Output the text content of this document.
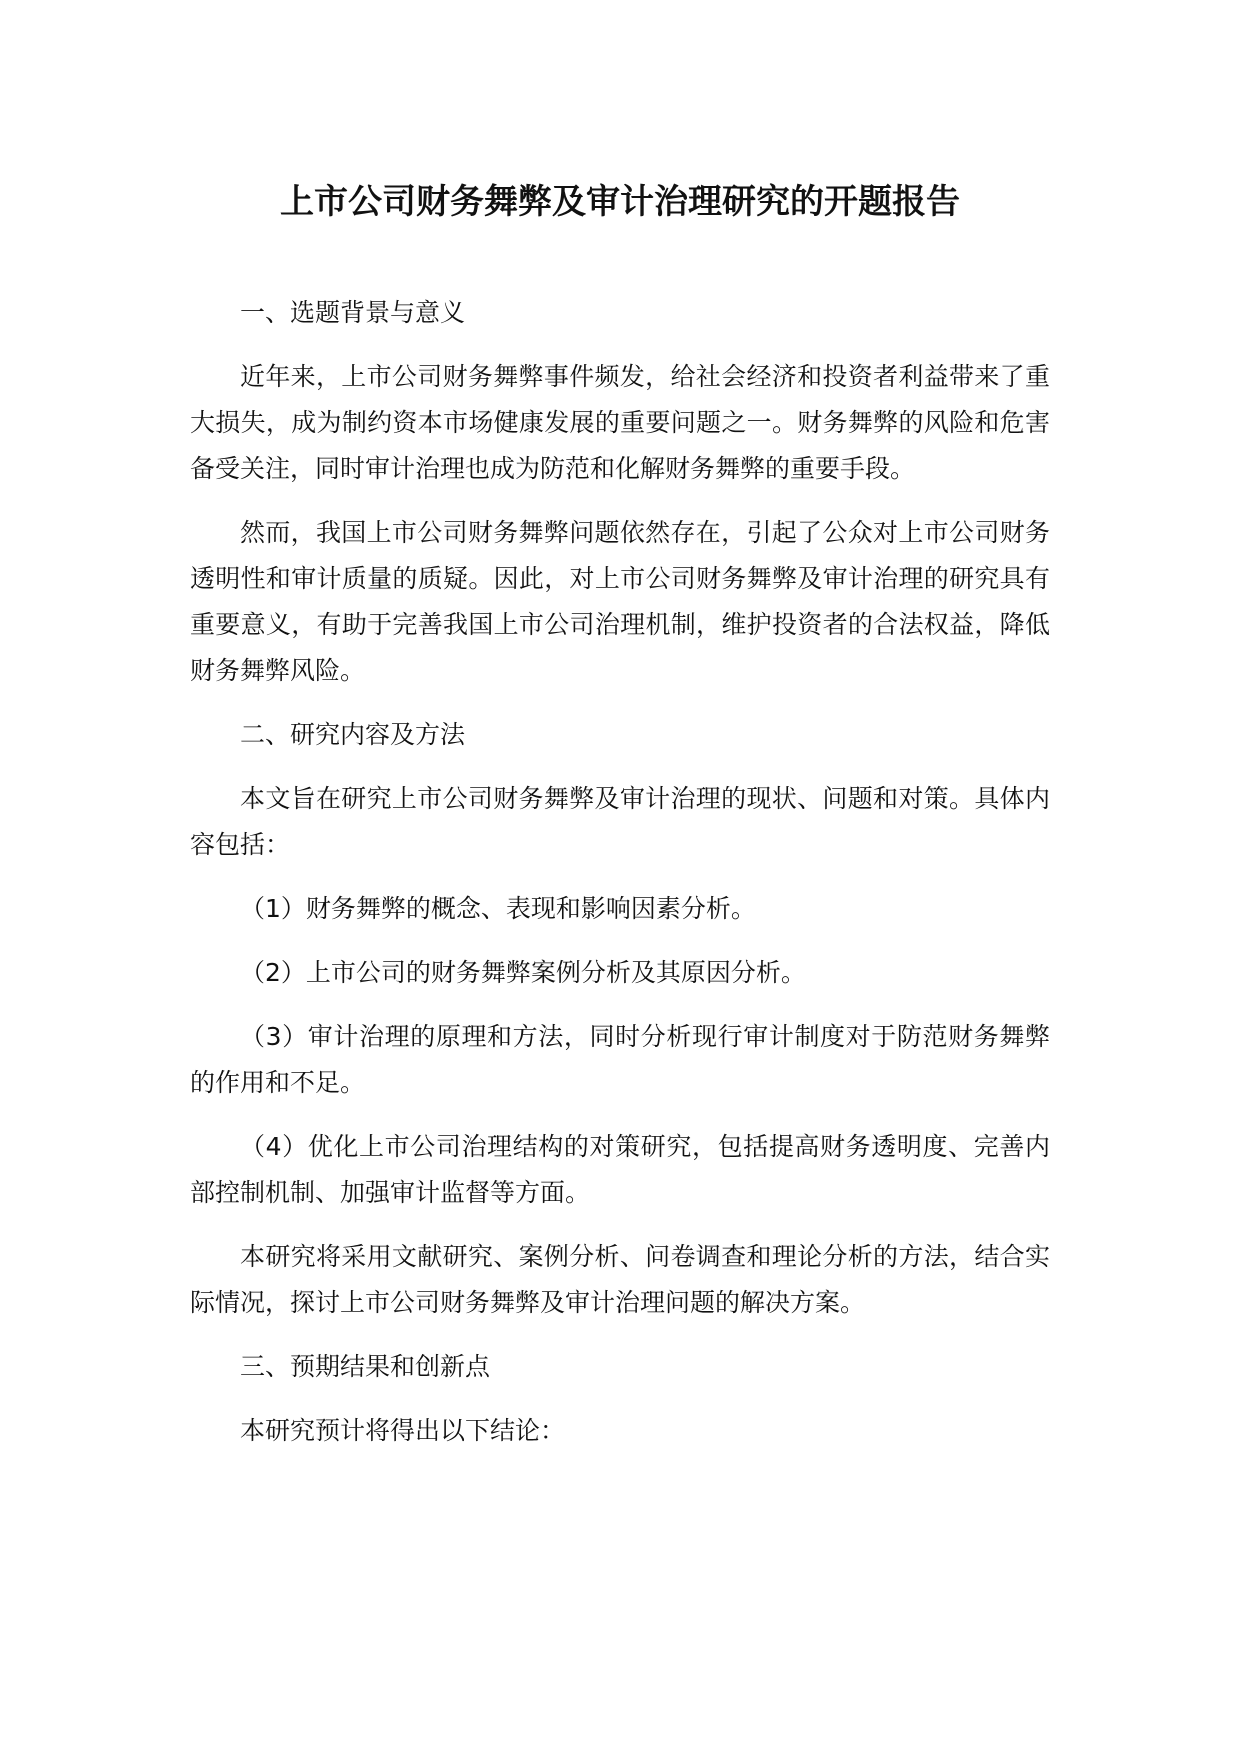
上市公司财务舞弊及审计治理研究的开题报告

一、选题背景与意义

近年来，上市公司财务舞弊事件频发，给社会经济和投资者利益带来了重大损失，成为制约资本市场健康发展的重要问题之一。财务舞弊的风险和危害备受关注，同时审计治理也成为防范和化解财务舞弊的重要手段。

然而，我国上市公司财务舞弊问题依然存在，引起了公众对上市公司财务透明性和审计质量的质疑。因此，对上市公司财务舞弊及审计治理的研究具有重要意义，有助于完善我国上市公司治理机制，维护投资者的合法权益，降低财务舞弊风险。

二、研究内容及方法

本文旨在研究上市公司财务舞弊及审计治理的现状、问题和对策。具体内容包括：

（1）财务舞弊的概念、表现和影响因素分析。

（2）上市公司的财务舞弊案例分析及其原因分析。

（3）审计治理的原理和方法，同时分析现行审计制度对于防范财务舞弊的作用和不足。

（4）优化上市公司治理结构的对策研究，包括提高财务透明度、完善内部控制机制、加强审计监督等方面。

本研究将采用文献研究、案例分析、问卷调查和理论分析的方法，结合实际情况，探讨上市公司财务舞弊及审计治理问题的解决方案。

三、预期结果和创新点

本研究预计将得出以下结论：
